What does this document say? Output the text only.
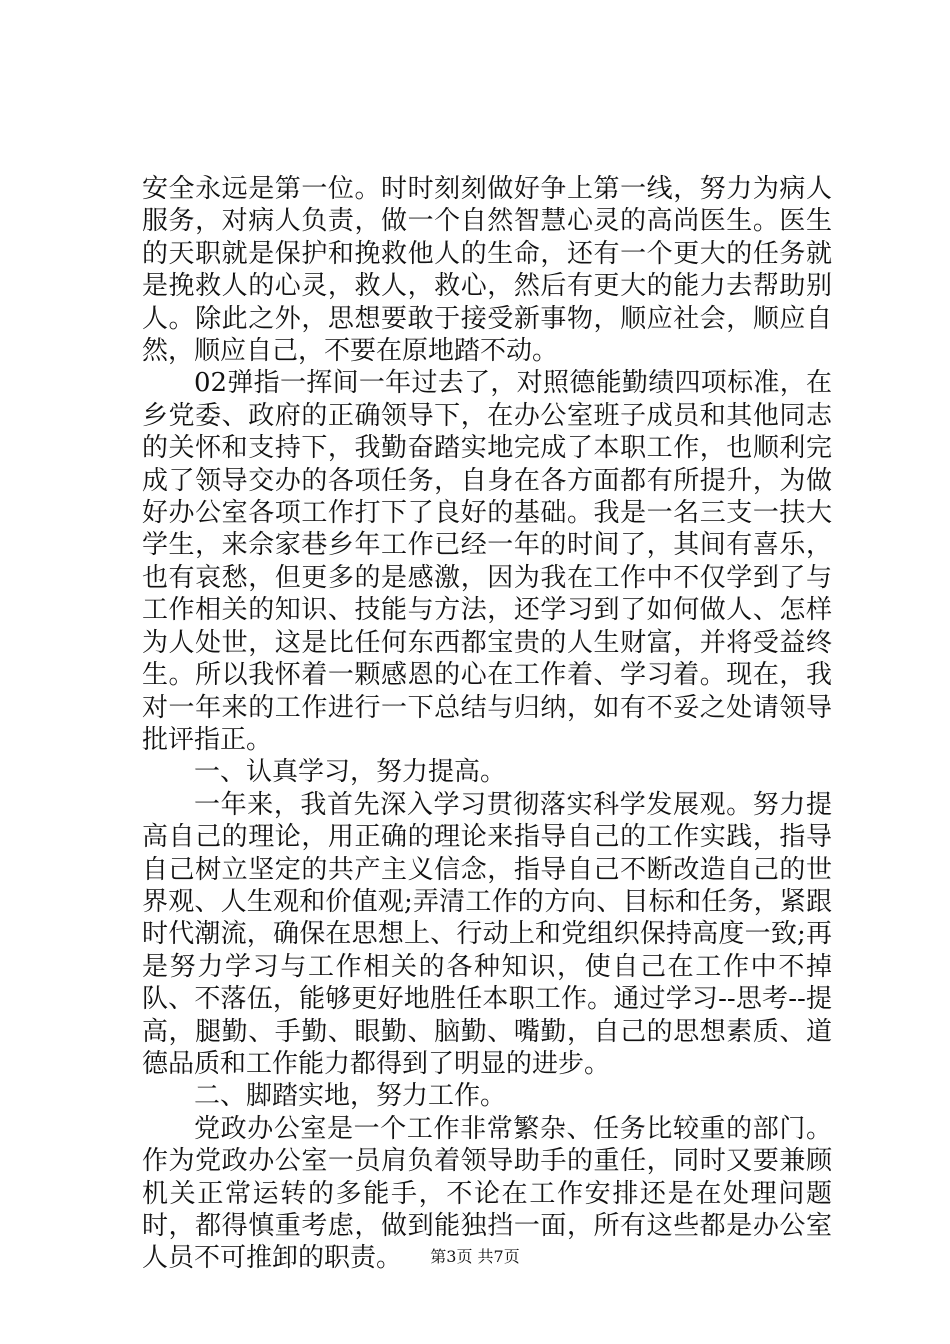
安全永远是第一位。时时刻刻做好争上第一线，努力为病人服务，对病人负责，做一个自然智慧心灵的高尚医生。医生的天职就是保护和挽救他人的生命，还有一个更大的任务就是挽救人的心灵，救人，救心，然后有更大的能力去帮助别人。除此之外，思想要敢于接受新事物，顺应社会，顺应自然，顺应自己，不要在原地踏不动。

02弹指一挥间一年过去了，对照德能勤绩四项标准，在乡党委、政府的正确领导下，在办公室班子成员和其他同志的关怀和支持下，我勤奋踏实地完成了本职工作，也顺利完成了领导交办的各项任务，自身在各方面都有所提升，为做好办公室各项工作打下了良好的基础。我是一名三支一扶大学生，来佘家巷乡年工作已经一年的时间了，其间有喜乐，也有哀愁，但更多的是感激，因为我在工作中不仅学到了与工作相关的知识、技能与方法，还学习到了如何做人、怎样为人处世，这是比任何东西都宝贵的人生财富，并将受益终生。所以我怀着一颗感恩的心在工作着、学习着。现在，我对一年来的工作进行一下总结与归纳，如有不妥之处请领导批评指正。

一、认真学习，努力提高。

一年来，我首先深入学习贯彻落实科学发展观。努力提高自己的理论，用正确的理论来指导自己的工作实践，指导自己树立坚定的共产主义信念，指导自己不断改造自己的世界观、人生观和价值观;弄清工作的方向、目标和任务，紧跟时代潮流，确保在思想上、行动上和党组织保持高度一致;再是努力学习与工作相关的各种知识，使自己在工作中不掉队、不落伍，能够更好地胜任本职工作。通过学习--思考--提高，腿勤、手勤、眼勤、脑勤、嘴勤，自己的思想素质、道德品质和工作能力都得到了明显的进步。

二、脚踏实地，努力工作。

党政办公室是一个工作非常繁杂、任务比较重的部门。作为党政办公室一员肩负着领导助手的重任，同时又要兼顾机关正常运转的多能手，不论在工作安排还是在处理问题时，都得慎重考虑，做到能独挡一面，所有这些都是办公室人员不可推卸的职责。	第3页 共7页
